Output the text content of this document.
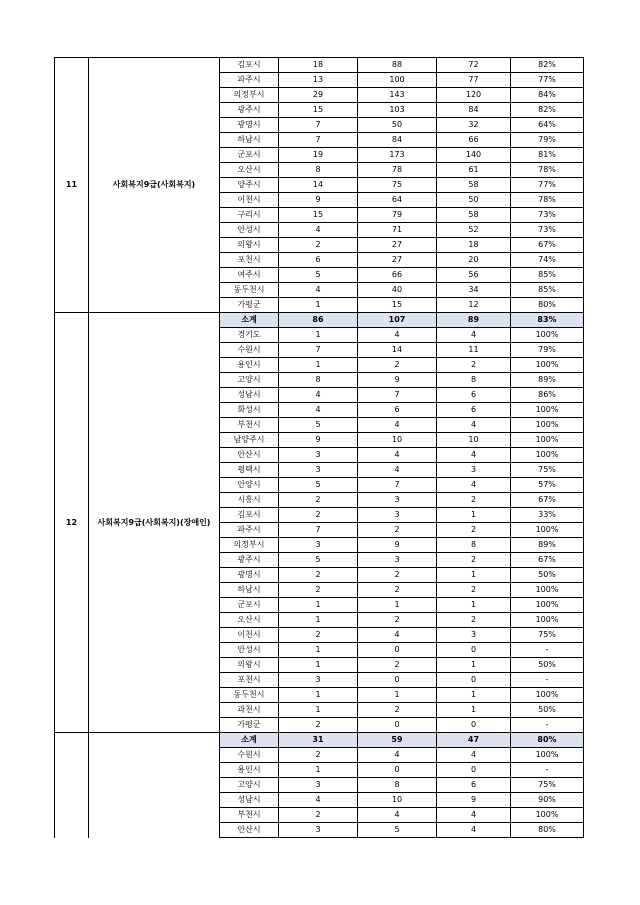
11	사회복지9급(사회복지)	김포시	18	88	72	82%
		파주시	13	100	77	77%
		의정부시	29	143	120	84%
		광주시	15	103	84	82%
		광명시	7	50	32	64%
		하남시	7	84	66	79%
		군포시	19	173	140	81%
		오산시	8	78	61	78%
		양주시	14	75	58	77%
		이천시	9	64	50	78%
		구리시	15	79	58	73%
		안성시	4	71	52	73%
		의왕시	2	27	18	67%
		포천시	6	27	20	74%
		여주시	5	66	56	85%
		동두천시	4	40	34	85%
		가평군	1	15	12	80%
12	사회복지9급(사회복지)(장애인)	소계	86	107	89	83%
		경기도	1	4	4	100%
		수원시	7	14	11	79%
		용인시	1	2	2	100%
		고양시	8	9	8	89%
		성남시	4	7	6	86%
		화성시	4	6	6	100%
		부천시	5	4	4	100%
		남양주시	9	10	10	100%
		안산시	3	4	4	100%
		평택시	3	4	3	75%
		안양시	5	7	4	57%
		시흥시	2	3	2	67%
		김포시	2	3	1	33%
		파주시	7	2	2	100%
		의정부시	3	9	8	89%
		광주시	5	3	2	67%
		광명시	2	2	1	50%
		하남시	2	2	2	100%
		군포시	1	1	1	100%
		오산시	1	2	2	100%
		이천시	2	4	3	75%
		안성시	1	0	0	-
		의왕시	1	2	1	50%
		포천시	3	0	0	-
		동두천시	1	1	1	100%
		과천시	1	2	1	50%
		가평군	2	0	0	-
		소계	31	59	47	80%
		수원시	2	4	4	100%
		용인시	1	0	0	-
		고양시	3	8	6	75%
		성남시	4	10	9	90%
		부천시	2	4	4	100%
		안산시	3	5	4	80%
